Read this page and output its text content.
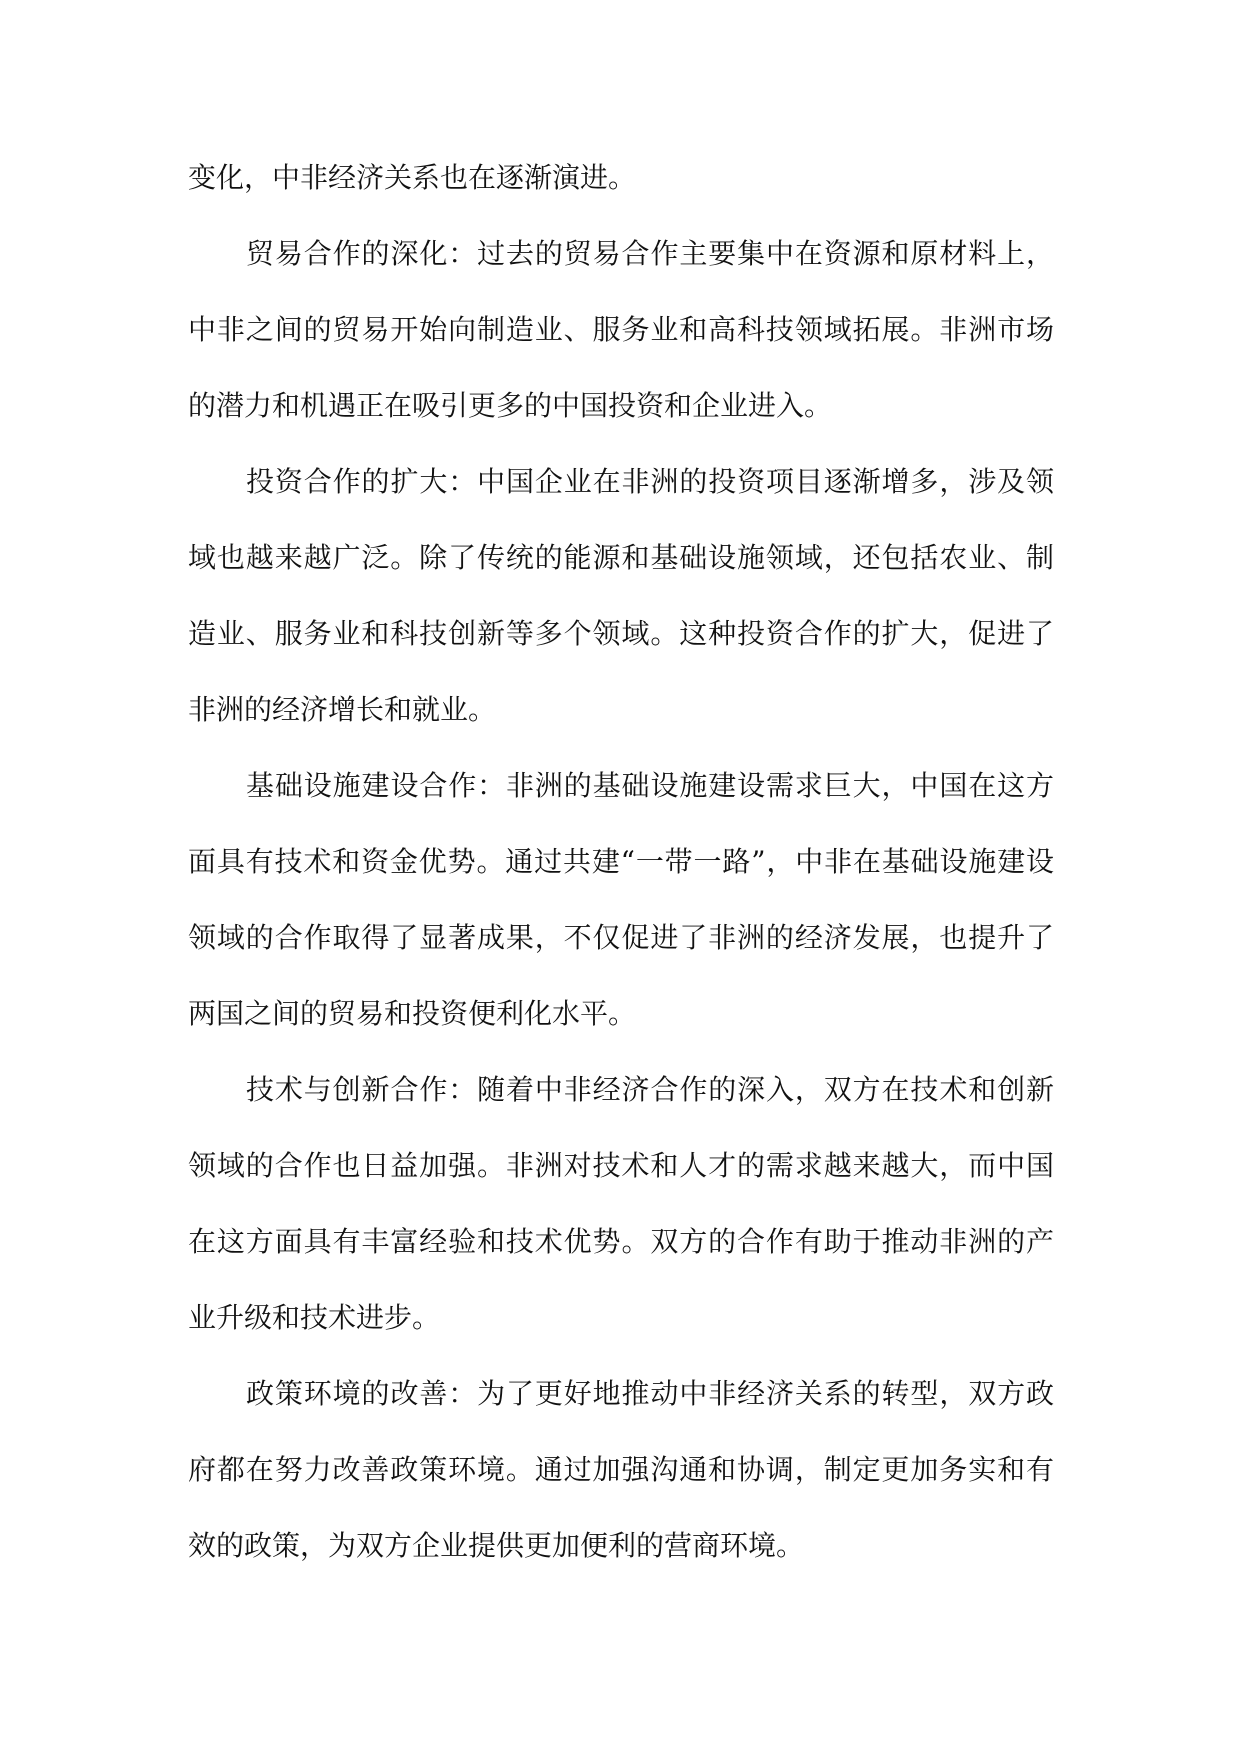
变化，中非经济关系也在逐渐演进。

贸易合作的深化：过去的贸易合作主要集中在资源和原材料上，中非之间的贸易开始向制造业、服务业和高科技领域拓展。非洲市场的潜力和机遇正在吸引更多的中国投资和企业进入。

投资合作的扩大：中国企业在非洲的投资项目逐渐增多，涉及领域也越来越广泛。除了传统的能源和基础设施领域，还包括农业、制造业、服务业和科技创新等多个领域。这种投资合作的扩大，促进了非洲的经济增长和就业。

基础设施建设合作：非洲的基础设施建设需求巨大，中国在这方面具有技术和资金优势。通过共建“一带一路”，中非在基础设施建设领域的合作取得了显著成果，不仅促进了非洲的经济发展，也提升了两国之间的贸易和投资便利化水平。

技术与创新合作：随着中非经济合作的深入，双方在技术和创新领域的合作也日益加强。非洲对技术和人才的需求越来越大，而中国在这方面具有丰富经验和技术优势。双方的合作有助于推动非洲的产业升级和技术进步。

政策环境的改善：为了更好地推动中非经济关系的转型，双方政府都在努力改善政策环境。通过加强沟通和协调，制定更加务实和有效的政策，为双方企业提供更加便利的营商环境。
